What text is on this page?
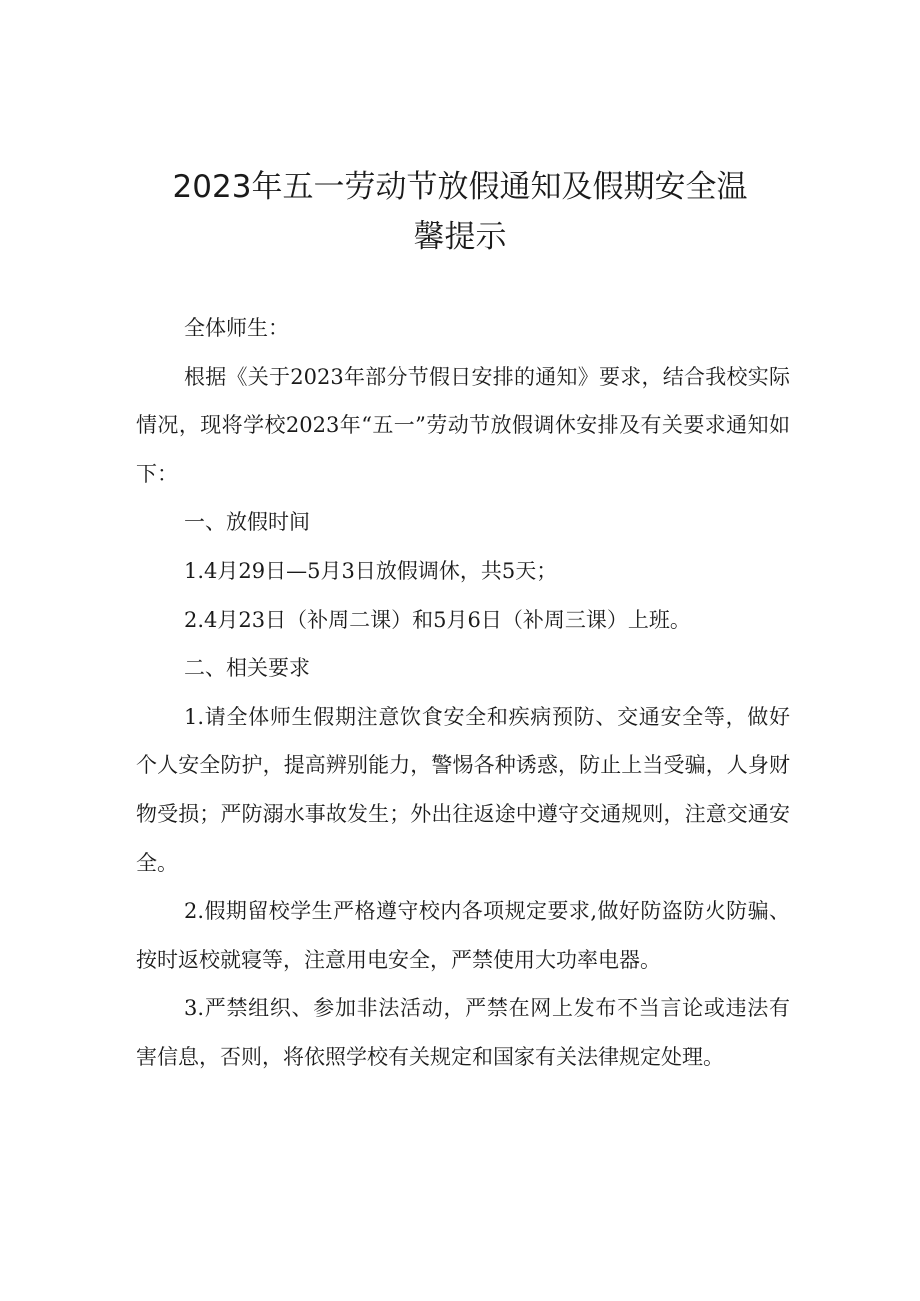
2023年五一劳动节放假通知及假期安全温
馨提示

全体师生：

根据《关于2023年部分节假日安排的通知》要求，结合我校实际情况，现将学校2023年“五一”劳动节放假调休安排及有关要求通知如下：

一、放假时间

1.4月29日—5月3日放假调休，共5天；

2.4月23日（补周二课）和5月6日（补周三课）上班。

二、相关要求

1.请全体师生假期注意饮食安全和疾病预防、交通安全等，做好个人安全防护，提高辨别能力，警惕各种诱惑，防止上当受骗，人身财物受损；严防溺水事故发生；外出往返途中遵守交通规则，注意交通安全。

2.假期留校学生严格遵守校内各项规定要求,做好防盗防火防骗、按时返校就寝等，注意用电安全，严禁使用大功率电器。

3.严禁组织、参加非法活动，严禁在网上发布不当言论或违法有害信息，否则，将依照学校有关规定和国家有关法律规定处理。
